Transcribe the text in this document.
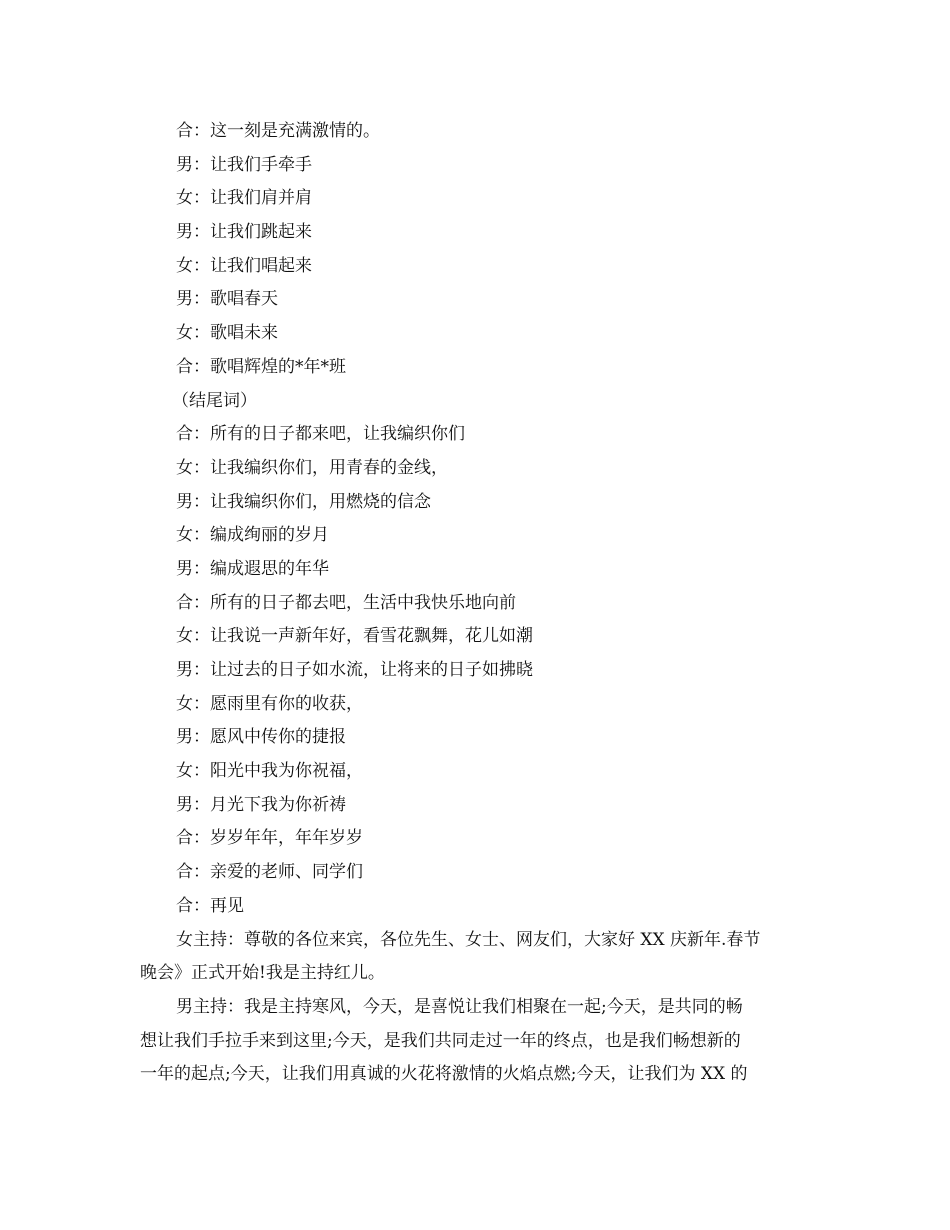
合：这一刻是充满激情的。
男：让我们手牵手
女：让我们肩并肩
男：让我们跳起来
女：让我们唱起来
男：歌唱春天
女：歌唱未来
合：歌唱辉煌的*年*班
（结尾词）
合：所有的日子都来吧，让我编织你们
女：让我编织你们，用青春的金线，
男：让我编织你们，用燃烧的信念
女：编成绚丽的岁月
男：编成遐思的年华
合：所有的日子都去吧，生活中我快乐地向前
女：让我说一声新年好，看雪花飘舞，花儿如潮
男：让过去的日子如水流，让将来的日子如拂晓
女：愿雨里有你的收获，
男：愿风中传你的捷报
女：阳光中我为你祝福，
男：月光下我为你祈祷
合：岁岁年年，年年岁岁
合：亲爱的老师、同学们
合：再见
女主持：尊敬的各位来宾，各位先生、女士、网友们，大家好 XX 庆新年.春节
晚会》正式开始!我是主持红儿。
男主持：我是主持寒风，今天，是喜悦让我们相聚在一起;今天，是共同的畅
想让我们手拉手来到这里;今天，是我们共同走过一年的终点，也是我们畅想新的
一年的起点;今天，让我们用真诚的火花将激情的火焰点燃;今天，让我们为 XX 的
